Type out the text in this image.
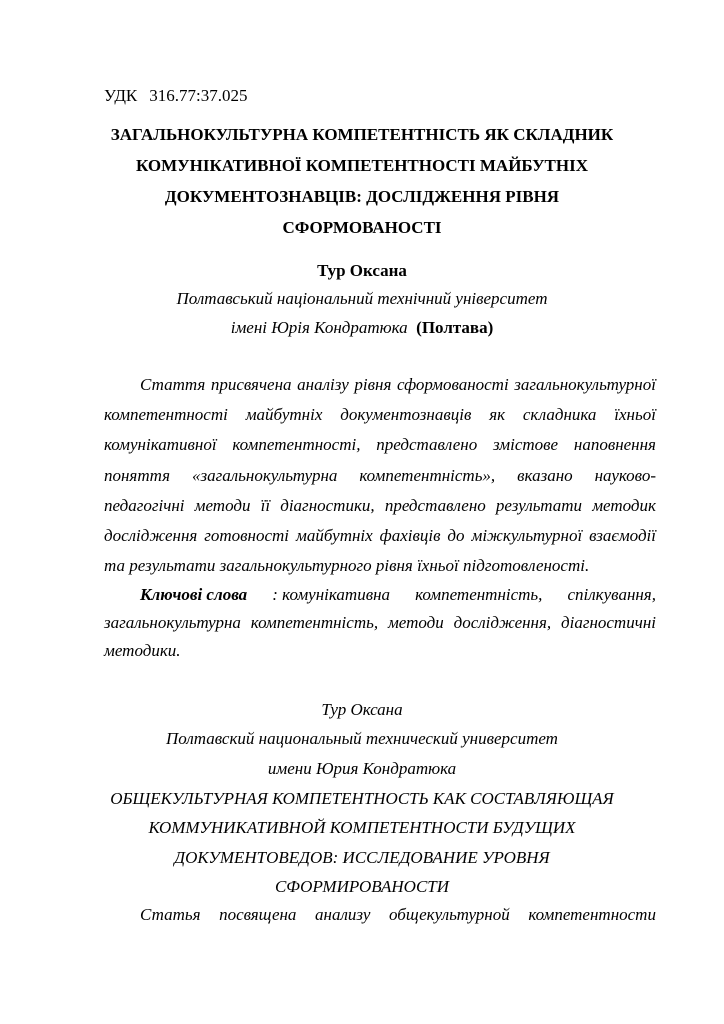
УДК 316.77:37.025
ЗАГАЛЬНОКУЛЬТУРНА КОМПЕТЕНТНІСТЬ ЯК СКЛАДНИК
КОМУНІКАТИВНОЇ КОМПЕТЕНТНОСТІ МАЙБУТНІХ
ДОКУМЕНТОЗНАВЦІВ: ДОСЛІДЖЕННЯ РІВНЯ
СФОРМОВАНОСТІ
Тур Оксана
Полтавський національний технічний університет
імені Юрія Кондратюка (Полтава)
Стаття присвячена аналізу рівня сформованості загальнокультурної
компетентності майбутніх документознавців як складника їхньої
комунікативної компетентності, представлено змістове наповнення
поняття «загальнокультурна компетентність», вказано науково-
педагогічні методи її діагностики, представлено результати методик
дослідження готовності майбутніх фахівців до міжкультурної взаємодії
та результати загальнокультурного рівня їхньої підготовленості.
Ключові слова : комунікативна компетентність, спілкування,
загальнокультурна компетентність, методи дослідження, діагностичні
методики.
Тур Оксана
Полтавский национальный технический университет
имени Юрия Кондратюка
ОБЩЕКУЛЬТУРНАЯ КОМПЕТЕНТНОСТЬ КАК СОСТАВЛЯЮЩАЯ
КОММУНИКАТИВНОЙ КОМПЕТЕНТНОСТИ БУДУЩИХ
ДОКУМЕНТОВЕДОВ: ИССЛЕДОВАНИЕ УРОВНЯ
СФОРМИРОВАНОСТИ
Статья посвящена анализу общекультурной компетентности
